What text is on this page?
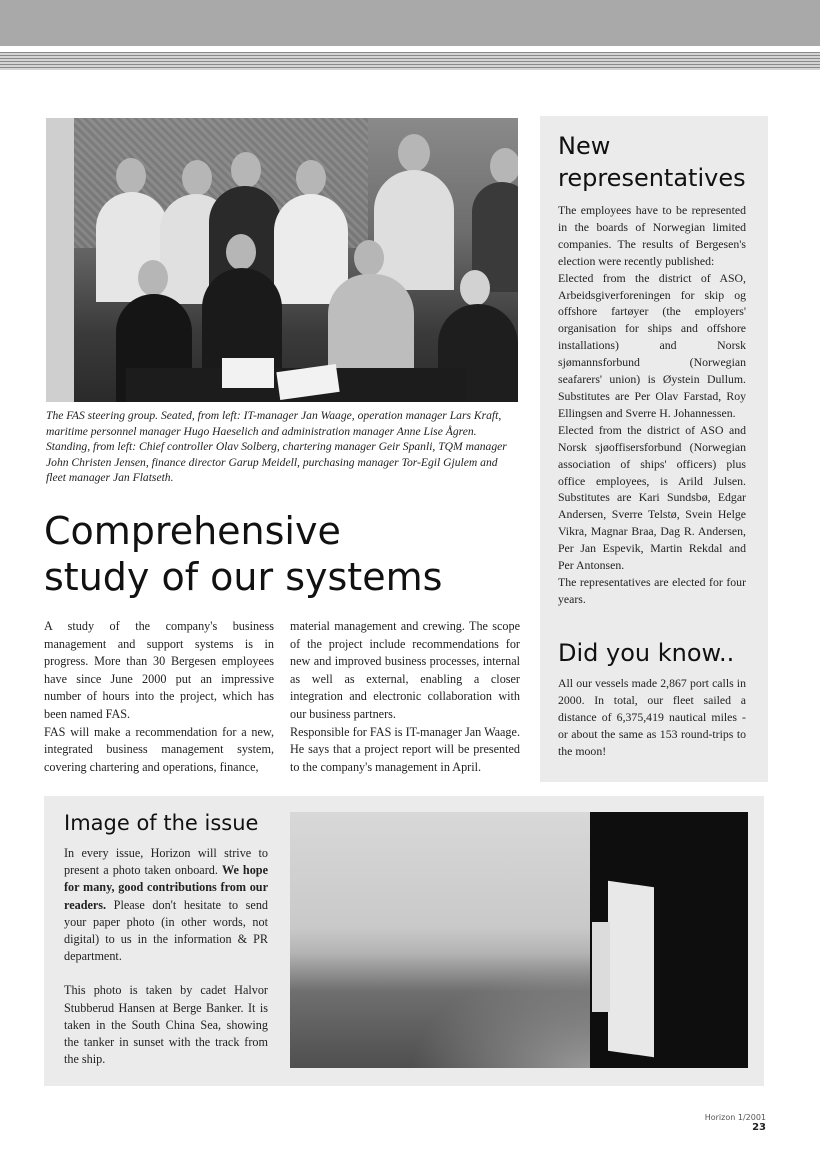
The FAS steering group. Seated, from left: IT-manager Jan Waage, operation manager Lars Kraft, maritime personnel manager Hugo Haeselich and administration manager Anne Lise Ågren. Standing, from left: Chief controller Olav Solberg, chartering manager Geir Spanli, TQM manager John Christen Jensen, finance director Garup Meidell, purchasing manager Tor-Egil Gjulem and fleet manager Jan Flatseth.

Comprehensive
study of our systems

A study of the company's business management and support systems is in progress. More than 30 Bergesen employees have since June 2000 put an impressive number of hours into the project, which has been named FAS.

FAS will make a recommendation for a new, integrated business management system, covering chartering and operations, finance,

material management and crewing. The scope of the project include recommendations for new and improved business processes, internal as well as external, enabling a closer integration and electronic collaboration with our business partners.

Responsible for FAS is IT-manager Jan Waage. He says that a project report will be presented to the company's management in April.

New
representatives

The employees have to be represented in the boards of Norwegian limited companies. The results of Bergesen's election were recently published:

Elected from the district of ASO, Arbeidsgiverforeningen for skip og offshore fartøyer (the employers' organisation for ships and offshore installations) and Norsk sjømannsforbund (Norwegian seafarers' union) is Øystein Dullum. Substitutes are Per Olav Farstad, Roy Ellingsen and Sverre H. Johannessen.

Elected from the district of ASO and Norsk sjøoffisersforbund (Norwegian association of ships' officers) plus office employees, is Arild Julsen. Substitutes are Kari Sundsbø, Edgar Andersen, Sverre Telstø, Svein Helge Vikra, Magnar Braa, Dag R. Andersen, Per Jan Espevik, Martin Rekdal and Per Antonsen.

The representatives are elected for four years.

Did you know..

All our vessels made 2,867 port calls in 2000. In total, our fleet sailed a distance of 6,375,419 nautical miles - or about the same as 153 round-trips to the moon!

Image of the issue

In every issue, Horizon will strive to present a photo taken onboard. We hope for many, good contributions from our readers. Please don't hesitate to send your paper photo (in other words, not digital) to us in the information & PR department.

This photo is taken by cadet Halvor Stubberud Hansen at Berge Banker. It is taken in the South China Sea, showing the tanker in sunset with the track from the ship.

Horizon 1/2001 23
